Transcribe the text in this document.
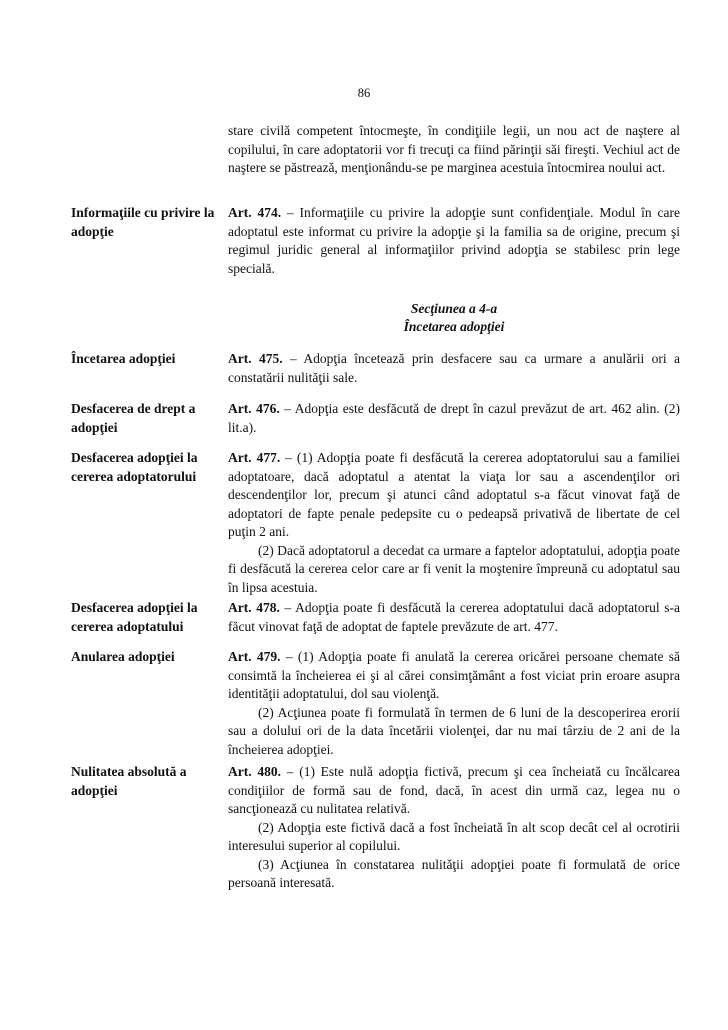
86

stare civilă competent întocmeşte, în condiţiile legii, un nou act de naştere al copilului, în care adoptatorii vor fi trecuţi ca fiind părinţii săi fireşti. Vechiul act de naştere se păstrează, menţionându-se pe marginea acestuia întocmirea noului act.

Informaţiile cu privire la adopţie

Art. 474. – Informaţiile cu privire la adopţie sunt confidenţiale. Modul în care adoptatul este informat cu privire la adopţie şi la familia sa de origine, precum şi regimul juridic general al informaţiilor privind adopţia se stabilesc prin lege specială.

Secţiunea a 4-a
Încetarea adopţiei
Încetarea adopţiei	Art. 475. – Adopţia încetează prin desfacere sau ca urmare a anulării ori a constatării nulităţii sale.

Desfacerea de drept a adopţiei

Art. 476. – Adopţia este desfăcută de drept în cazul prevăzut de art. 462 alin. (2) lit.a).

Desfacerea adopţiei la cererea adoptatorului

Art. 477. – (1) Adopţia poate fi desfăcută la cererea adoptatorului sau a familiei adoptatoare, dacă adoptatul a atentat la viaţa lor sau a ascendenţilor ori descendenţilor lor, precum şi atunci când adoptatul s-a făcut vinovat faţă de adoptatori de fapte penale pedepsite cu o pedeapsă privativă de libertate de cel puţin 2 ani.

(2) Dacă adoptatorul a decedat ca urmare a faptelor adoptatului, adopţia poate fi desfăcută la cererea celor care ar fi venit la moştenire împreună cu adoptatul sau în lipsa acestuia.

Desfacerea adopţiei la cererea adoptatului

Art. 478. – Adopţia poate fi desfăcută la cererea adoptatului dacă adoptatorul s-a făcut vinovat faţă de adoptat de faptele prevăzute de art. 477.

Anularea adopţiei	Art. 479. – (1) Adopţia poate fi anulată la cererea oricărei persoane chemate să consimtă la încheierea ei şi al cărei consimţământ a fost viciat prin eroare asupra identităţii adoptatului, dol sau violenţă.

(2) Acţiunea poate fi formulată în termen de 6 luni de la descoperirea erorii sau a dolului ori de la data încetării violenţei, dar nu mai târziu de 2 ani de la încheierea adopţiei.

Nulitatea absolută a adopţiei

Art. 480. – (1) Este nulă adopţia fictivă, precum şi cea încheiată cu încălcarea condiţiilor de formă sau de fond, dacă, în acest din urmă caz, legea nu o sancţionează cu nulitatea relativă.

(2) Adopţia este fictivă dacă a fost încheiată în alt scop decât cel al ocrotirii interesului superior al copilului.

(3) Acţiunea în constatarea nulităţii adopţiei poate fi formulată de orice persoană interesată.
